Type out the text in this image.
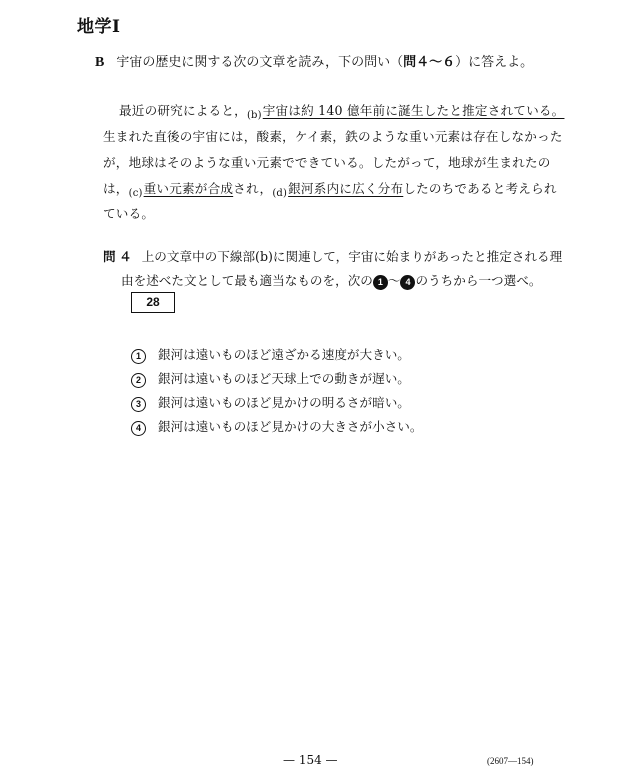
地学Ⅰ
B 宇宙の歴史に関する次の文章を読み，下の問い（問４～６）に答えよ。
最近の研究によると，$_{(b)}$宇宙は約 140 億年前に誕生したと推定されている。
生まれた直後の宇宙には，酸素，ケイ素，鉄のような重い元素は存在しなかった
が，地球はそのような重い元素でできている。したがって，地球が生まれたの
は，$_{(c)}$重い元素が合成され，$_{(d)}$銀河系内に広く分布したのちであると考えられ
ている。
問 ４ 上の文章中の下線部(b)に関連して，宇宙に始まりがあったと推定される理
由を述べた文として最も適当なものを，次の 1 ～ 4 のうちから一つ選べ。
28
1 銀河は遠いものほど遠ざかる速度が大きい。
2 銀河は遠いものほど天球上での動きが遅い。
3 銀河は遠いものほど見かけの明るさが暗い。
4 銀河は遠いものほど見かけの大きさが小さい。
— 154 —	(2607—154)
